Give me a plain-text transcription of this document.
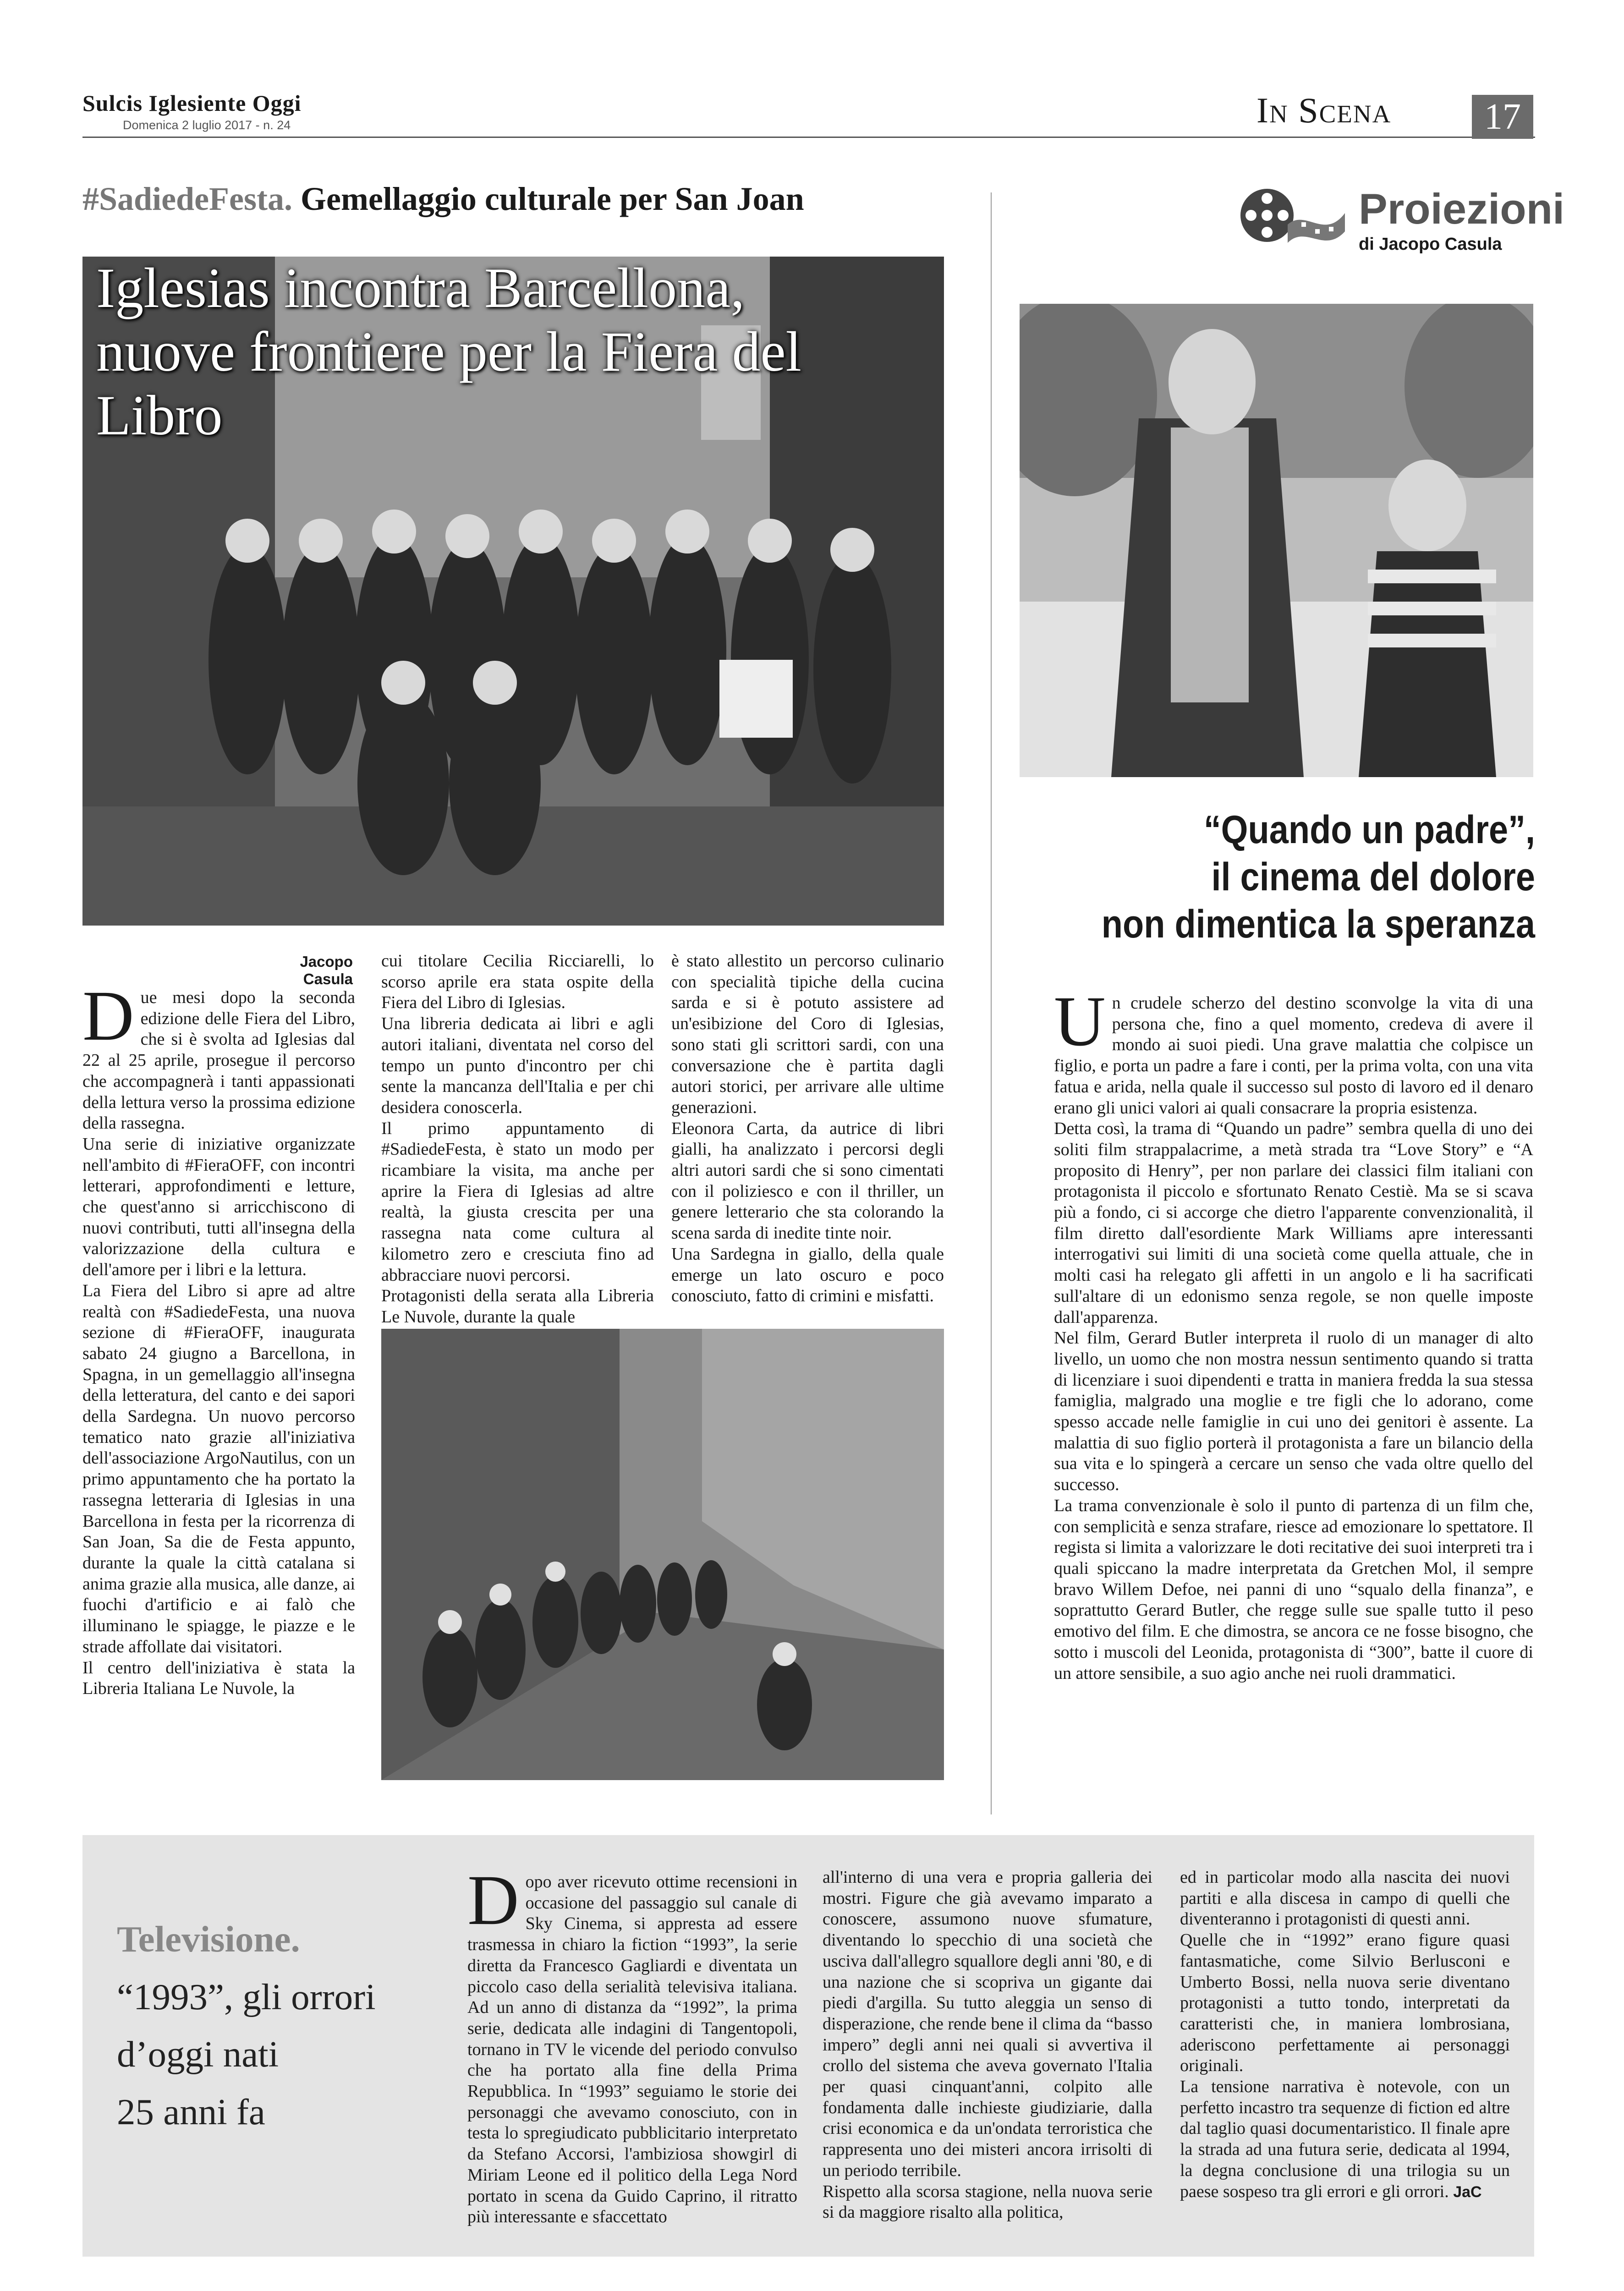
Sulcis Iglesiente Oggi
Domenica 2 luglio 2017 - n. 24	In Scena	17
#SadiedeFesta. Gemellaggio culturale per San Joan
Iglesias incontra Barcellona,
nuove frontiere per la Fiera del Libro
Jacopo Casula

Due mesi dopo la seconda edizione delle Fiera del Libro, che si è svolta ad Iglesias dal 22 al 25 aprile, prosegue il percorso che accompagnerà i tanti appassionati della lettura verso la prossima edizione della rassegna.

Una serie di iniziative organizzate nell'ambito di #FieraOFF, con incontri letterari, approfondimenti e letture, che quest'anno si arricchiscono di nuovi contributi, tutti all'insegna della valorizzazione della cultura e dell'amore per i libri e la lettura.

La Fiera del Libro si apre ad altre realtà con #SadiedeFesta, una nuova sezione di #FieraOFF, inaugurata sabato 24 giugno a Barcellona, in Spagna, in un gemellaggio all'insegna della letteratura, del canto e dei sapori della Sardegna. Un nuovo percorso tematico nato grazie all'iniziativa dell'associazione ArgoNautilus, con un primo appuntamento che ha portato la rassegna letteraria di Iglesias in una Barcellona in festa per la ricorrenza di San Joan, Sa die de Festa appunto, durante la quale la città catalana si anima grazie alla musica, alle danze, ai fuochi d'artificio e ai falò che illuminano le spiagge, le piazze e le strade affollate dai visitatori.

Il centro dell'iniziativa è stata la Libreria Italiana Le Nuvole, la

cui titolare Cecilia Ricciarelli, lo scorso aprile era stata ospite della Fiera del Libro di Iglesias.

Una libreria dedicata ai libri e agli autori italiani, diventata nel corso del tempo un punto d'incontro per chi sente la mancanza dell'Italia e per chi desidera conoscerla.

Il primo appuntamento di #SadiedeFesta, è stato un modo per ricambiare la visita, ma anche per aprire la Fiera di Iglesias ad altre realtà, la giusta crescita per una rassegna nata come cultura al kilometro zero e cresciuta fino ad abbracciare nuovi percorsi.

Protagonisti della serata alla Libreria Le Nuvole, durante la quale

è stato allestito un percorso culinario con specialità tipiche della cucina sarda e si è potuto assistere ad un'esibizione del Coro di Iglesias, sono stati gli scrittori sardi, con una conversazione che è partita dagli autori storici, per arrivare alle ultime generazioni.

Eleonora Carta, da autrice di libri gialli, ha analizzato i percorsi degli altri autori sardi che si sono cimentati con il poliziesco e con il thriller, un genere letterario che sta colorando la scena sarda di inedite tinte noir.

Una Sardegna in giallo, della quale emerge un lato oscuro e poco conosciuto, fatto di crimini e misfatti.

Proiezioni
di Jacopo Casula
“Quando un padre”,
il cinema del dolore
non dimentica la speranza

Un crudele scherzo del destino sconvolge la vita di una persona che, fino a quel momento, credeva di avere il mondo ai suoi piedi. Una grave malattia che colpisce un figlio, e porta un padre a fare i conti, per la prima volta, con una vita fatua e arida, nella quale il successo sul posto di lavoro ed il denaro erano gli unici valori ai quali consacrare la propria esistenza.

Detta così, la trama di “Quando un padre” sembra quella di uno dei soliti film strappalacrime, a metà strada tra “Love Story” e “A proposito di Henry”, per non parlare dei classici film italiani con protagonista il piccolo e sfortunato Renato Cestiè. Ma se si scava più a fondo, ci si accorge che dietro l'apparente convenzionalità, il film diretto dall'esordiente Mark Williams apre interessanti interrogativi sui limiti di una società come quella attuale, che in molti casi ha relegato gli affetti in un angolo e li ha sacrificati sull'altare di un edonismo senza regole, se non quelle imposte dall'apparenza.

Nel film, Gerard Butler interpreta il ruolo di un manager di alto livello, un uomo che non mostra nessun sentimento quando si tratta di licenziare i suoi dipendenti e tratta in maniera fredda la sua stessa famiglia, malgrado una moglie e tre figli che lo adorano, come spesso accade nelle famiglie in cui uno dei genitori è assente. La malattia di suo figlio porterà il protagonista a fare un bilancio della sua vita e lo spingerà a cercare un senso che vada oltre quello del successo.

La trama convenzionale è solo il punto di partenza di un film che, con semplicità e senza strafare, riesce ad emozionare lo spettatore. Il regista si limita a valorizzare le doti recitative dei suoi interpreti tra i quali spiccano la madre interpretata da Gretchen Mol, il sempre bravo Willem Defoe, nei panni di uno “squalo della finanza”, e soprattutto Gerard Butler, che regge sulle sue spalle tutto il peso emotivo del film. E che dimostra, se ancora ce ne fosse bisogno, che sotto i muscoli del Leonida, protagonista di “300”, batte il cuore di un attore sensibile, a suo agio anche nei ruoli drammatici.

Televisione.
“1993”, gli orrori
d’oggi nati
25 anni fa

Dopo aver ricevuto ottime recensioni in occasione del passaggio sul canale di Sky Cinema, si appresta ad essere trasmessa in chiaro la fiction “1993”, la serie diretta da Francesco Gagliardi e diventata un piccolo caso della serialità televisiva italiana. Ad un anno di distanza da “1992”, la prima serie, dedicata alle indagini di Tangentopoli, tornano in TV le vicende del periodo convulso che ha portato alla fine della Prima Repubblica. In “1993” seguiamo le storie dei personaggi che avevamo conosciuto, con in testa lo spregiudicato pubblicitario interpretato da Stefano Accorsi, l'ambiziosa showgirl di Miriam Leone ed il politico della Lega Nord portato in scena da Guido Caprino, il ritratto più interessante e sfaccettato

all'interno di una vera e propria galleria dei mostri. Figure che già avevamo imparato a conoscere, assumono nuove sfumature, diventando lo specchio di una società che usciva dall'allegro squallore degli anni '80, e di una nazione che si scopriva un gigante dai piedi d'argilla. Su tutto aleggia un senso di disperazione, che rende bene il clima da “basso impero” degli anni nei quali si avvertiva il crollo del sistema che aveva governato l'Italia per quasi cinquant'anni, colpito alle fondamenta dalle inchieste giudiziarie, dalla crisi economica e da un'ondata terroristica che rappresenta uno dei misteri ancora irrisolti di un periodo terribile.

Rispetto alla scorsa stagione, nella nuova serie si da maggiore risalto alla politica,

ed in particolar modo alla nascita dei nuovi partiti e alla discesa in campo di quelli che diventeranno i protagonisti di questi anni.

Quelle che in “1992” erano figure quasi fantasmatiche, come Silvio Berlusconi e Umberto Bossi, nella nuova serie diventano protagonisti a tutto tondo, interpretati da caratteristi che, in maniera lombrosiana, aderiscono perfettamente ai personaggi originali.

La tensione narrativa è notevole, con un perfetto incastro tra sequenze di fiction ed altre dal taglio quasi documentaristico. Il finale apre la strada ad una futura serie, dedicata al 1994, la degna conclusione di una trilogia su un paese sospeso tra gli errori e gli orrori. JaC
